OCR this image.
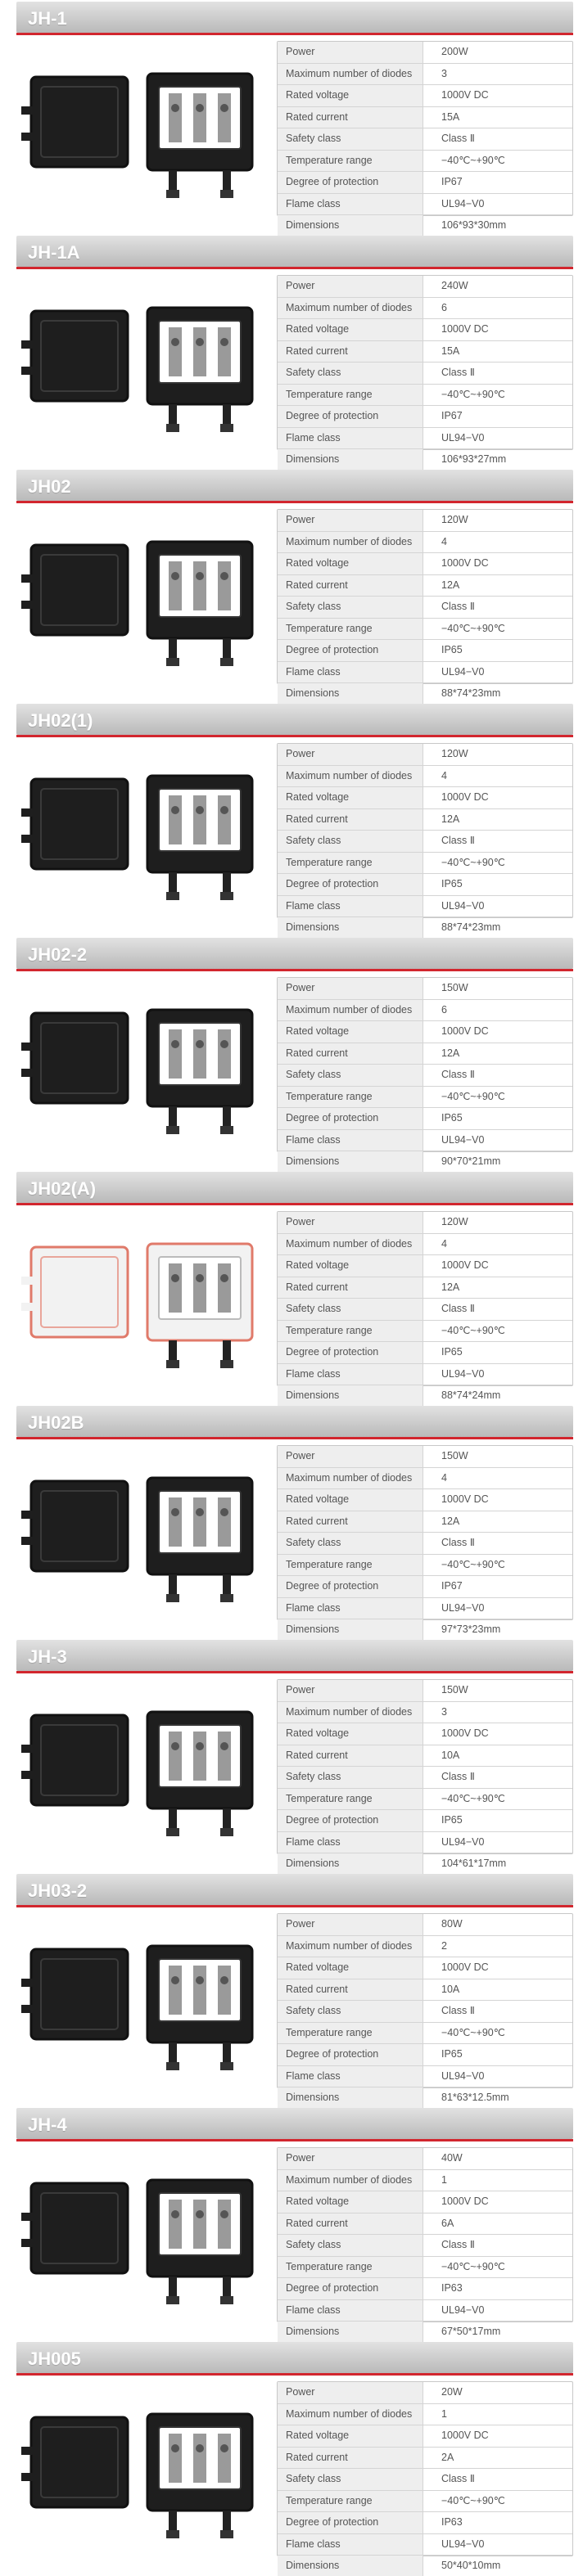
JH-1
Power	200W
Maximum number of diodes	3
Rated voltage	1000V DC
Rated current	15A
Safety class	Class Ⅱ
Temperature range	−40℃~+90℃
Degree of protection	IP67
Flame class	UL94−V0
Dimensions	106*93*30mm
JH-1A
Power	240W
Maximum number of diodes	6
Rated voltage	1000V DC
Rated current	15A
Safety class	Class Ⅱ
Temperature range	−40℃~+90℃
Degree of protection	IP67
Flame class	UL94−V0
Dimensions	106*93*27mm
JH02
Power	120W
Maximum number of diodes	4
Rated voltage	1000V DC
Rated current	12A
Safety class	Class Ⅱ
Temperature range	−40℃~+90℃
Degree of protection	IP65
Flame class	UL94−V0
Dimensions	88*74*23mm
JH02(1)
Power	120W
Maximum number of diodes	4
Rated voltage	1000V DC
Rated current	12A
Safety class	Class Ⅱ
Temperature range	−40℃~+90℃
Degree of protection	IP65
Flame class	UL94−V0
Dimensions	88*74*23mm
JH02-2
Power	150W
Maximum number of diodes	6
Rated voltage	1000V DC
Rated current	12A
Safety class	Class Ⅱ
Temperature range	−40℃~+90℃
Degree of protection	IP65
Flame class	UL94−V0
Dimensions	90*70*21mm
JH02(A)
Power	120W
Maximum number of diodes	4
Rated voltage	1000V DC
Rated current	12A
Safety class	Class Ⅱ
Temperature range	−40℃~+90℃
Degree of protection	IP65
Flame class	UL94−V0
Dimensions	88*74*24mm
JH02B
Power	150W
Maximum number of diodes	4
Rated voltage	1000V DC
Rated current	12A
Safety class	Class Ⅱ
Temperature range	−40℃~+90℃
Degree of protection	IP67
Flame class	UL94−V0
Dimensions	97*73*23mm
JH-3
Power	150W
Maximum number of diodes	3
Rated voltage	1000V DC
Rated current	10A
Safety class	Class Ⅱ
Temperature range	−40℃~+90℃
Degree of protection	IP65
Flame class	UL94−V0
Dimensions	104*61*17mm
JH03-2
Power	80W
Maximum number of diodes	2
Rated voltage	1000V DC
Rated current	10A
Safety class	Class Ⅱ
Temperature range	−40℃~+90℃
Degree of protection	IP65
Flame class	UL94−V0
Dimensions	81*63*12.5mm
JH-4
Power	40W
Maximum number of diodes	1
Rated voltage	1000V DC
Rated current	6A
Safety class	Class Ⅱ
Temperature range	−40℃~+90℃
Degree of protection	IP63
Flame class	UL94−V0
Dimensions	67*50*17mm
JH005
Power	20W
Maximum number of diodes	1
Rated voltage	1000V DC
Rated current	2A
Safety class	Class Ⅱ
Temperature range	−40℃~+90℃
Degree of protection	IP63
Flame class	UL94−V0
Dimensions	50*40*10mm
